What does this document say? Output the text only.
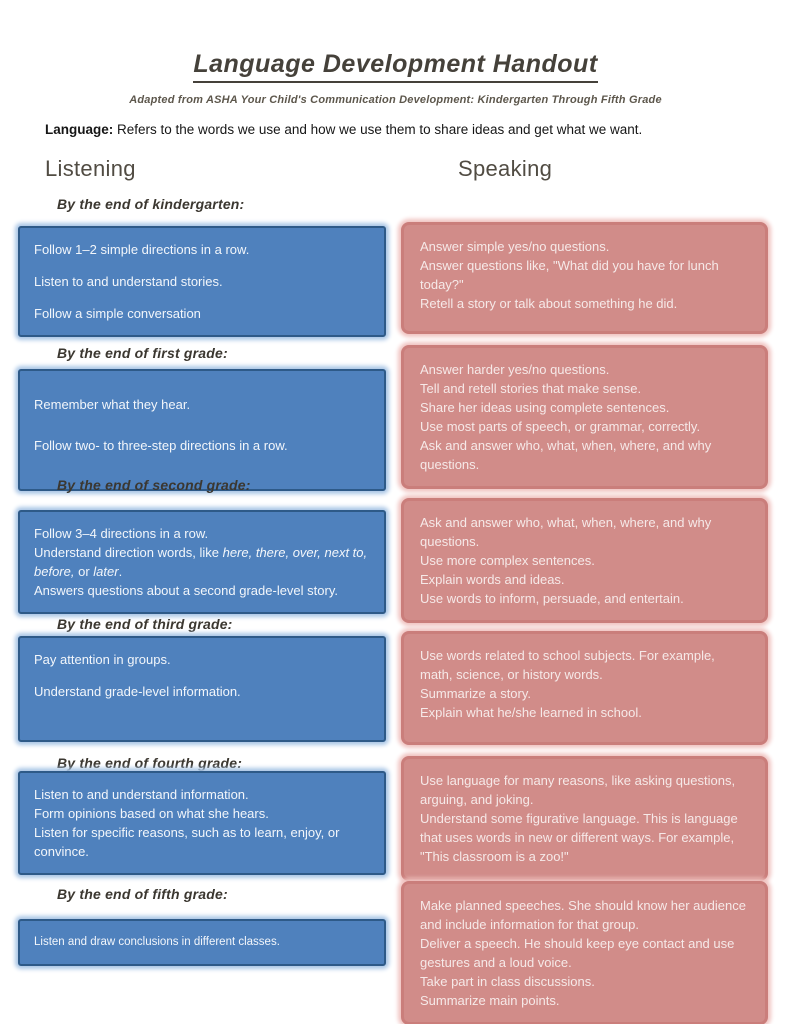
Language Development Handout
Adapted from ASHA Your Child's Communication Development: Kindergarten Through Fifth Grade
Language: Refers to the words we use and how we use them to share ideas and get what we want.
Listening	Speaking
By the end of kindergarten:
Follow 1–2 simple directions in a row.
Listen to and understand stories.
Follow a simple conversation
Answer simple yes/no questions.
Answer questions like, "What did you have for lunch today?"
Retell a story or talk about something he did.
By the end of first grade:
Remember what they hear.
Follow two- to three-step directions in a row.
Answer harder yes/no questions.
Tell and retell stories that make sense.
Share her ideas using complete sentences.
Use most parts of speech, or grammar, correctly.
Ask and answer who, what, when, where, and why questions.
By the end of second grade:
Follow 3–4 directions in a row.
Understand direction words, like here, there, over, next to, before, or later.
Answers questions about a second grade-level story.
Ask and answer who, what, when, where, and why questions.
Use more complex sentences.
Explain words and ideas.
Use words to inform, persuade, and entertain.
By the end of third grade:
Pay attention in groups.
Understand grade-level information.
Use words related to school subjects. For example, math, science, or history words.
Summarize a story.
Explain what he/she learned in school.
By the end of fourth grade:
Listen to and understand information.
Form opinions based on what she hears.
Listen for specific reasons, such as to learn, enjoy, or convince.
Use language for many reasons, like asking questions, arguing, and joking.
Understand some figurative language. This is language that uses words in new or different ways. For example, "This classroom is a zoo!"
By the end of fifth grade:
Listen and draw conclusions in different classes.
Make planned speeches. She should know her audience and include information for that group.
Deliver a speech. He should keep eye contact and use gestures and a loud voice.
Take part in class discussions.
Summarize main points.
